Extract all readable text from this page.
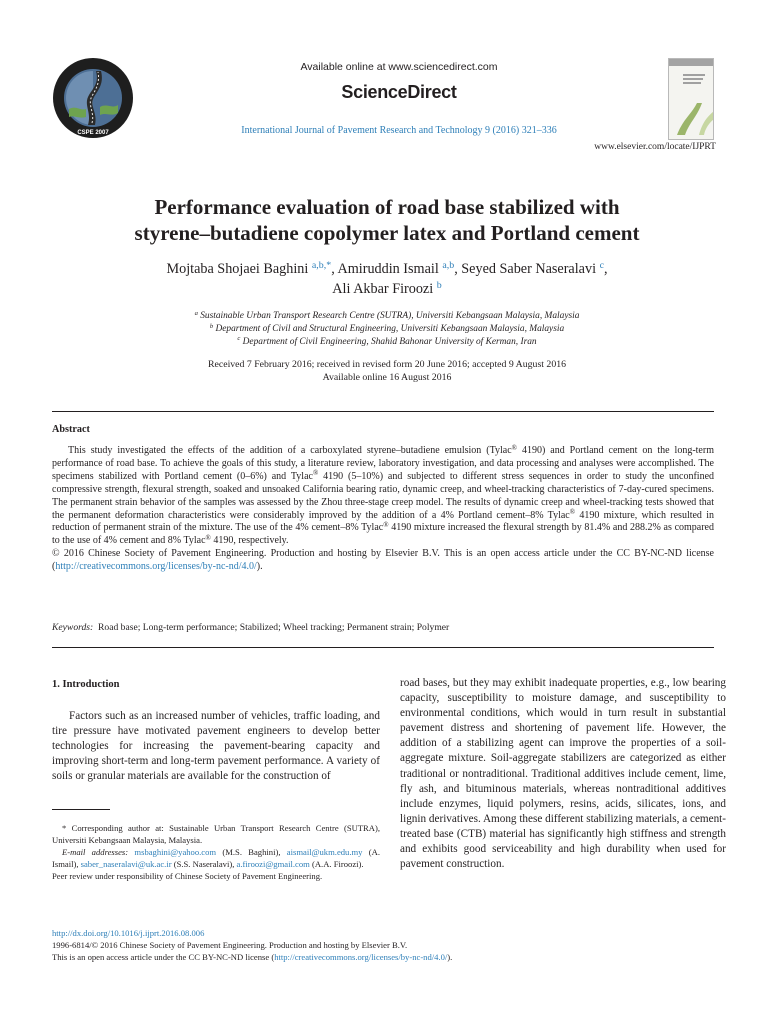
CSPE 2007
Available online at www.sciencedirect.com
ScienceDirect
International Journal of Pavement Research and Technology 9 (2016) 321–336
www.elsevier.com/locate/IJPRT
Performance evaluation of road base stabilized with
styrene–butadiene copolymer latex and Portland cement
Mojtaba Shojaei Baghini $^{a,b,*}$, Amiruddin Ismail $^{a,b}$, Seyed Saber Naseralavi $^c$,
Ali Akbar Firoozi $^b$
$^a$ Sustainable Urban Transport Research Centre (SUTRA), Universiti Kebangsaan Malaysia, Malaysia
$^b$ Department of Civil and Structural Engineering, Universiti Kebangsaan Malaysia, Malaysia
$^c$ Department of Civil Engineering, Shahid Bahonar University of Kerman, Iran
Received 7 February 2016; received in revised form 20 June 2016; accepted 9 August 2016
Available online 16 August 2016
Abstract

This study investigated the effects of the addition of a carboxylated styrene–butadiene emulsion (Tylac® 4190) and Portland cement on the long-term performance of road base. To achieve the goals of this study, a literature review, laboratory investigation, and data processing and analyses were accomplished. The specimens stabilized with Portland cement (0–6%) and Tylac® 4190 (5–10%) and subjected to different stress sequences in order to study the unconfined compressive strength, flexural strength, soaked and unsoaked California bearing ratio, dynamic creep, and wheel-tracking characteristics of 7-day-cured specimens. The permanent strain behavior of the samples was assessed by the Zhou three-stage creep model. The results of dynamic creep and wheel-tracking tests showed that the permanent deformation characteristics were considerably improved by the addition of a 4% Portland cement–8% Tylac® 4190 mixture, which resulted in reduction of permanent strain of the mixture. The use of the 4% cement–8% Tylac® 4190 mixture increased the flexural strength by 81.4% and 288.2% as compared to the use of 4% cement and 8% Tylac® 4190, respectively.

© 2016 Chinese Society of Pavement Engineering. Production and hosting by Elsevier B.V. This is an open access article under the CC BY-NC-ND license (http://creativecommons.org/licenses/by-nc-nd/4.0/).

Keywords: Road base; Long-term performance; Stabilized; Wheel tracking; Permanent strain; Polymer
1. Introduction

Factors such as an increased number of vehicles, traffic loading, and tire pressure have motivated pavement engineers to develop better technologies for increasing the pavement-bearing capacity and improving short-term and long-term pavement performance. A variety of soils or granular materials are available for the construction of

road bases, but they may exhibit inadequate properties, e.g., low bearing capacity, susceptibility to moisture damage, and susceptibility to environmental conditions, which would in turn result in substantial pavement distress and shortening of pavement life. However, the addition of a stabilizing agent can improve the properties of a soil-aggregate mixture. Soil-aggregate stabilizers are categorized as either traditional or nontraditional. Traditional additives include cement, lime, fly ash, and bituminous materials, whereas nontraditional additives include enzymes, liquid polymers, resins, acids, silicates, ions, and lignin derivatives. Among these different stabilizing materials, a cement-treated base (CTB) material has significantly high stiffness and strength and exhibits good serviceability and high durability when used for pavement construction.

* Corresponding author at: Sustainable Urban Transport Research Centre (SUTRA), Universiti Kebangsaan Malaysia, Malaysia.

E-mail addresses: msbaghini@yahoo.com (M.S. Baghini), aismail@ukm.edu.my (A. Ismail), saber_naseralavi@uk.ac.ir (S.S. Naseralavi), a.firoozi@gmail.com (A.A. Firoozi).

Peer review under responsibility of Chinese Society of Pavement Engineering.

http://dx.doi.org/10.1016/j.ijprt.2016.08.006
1996-6814/© 2016 Chinese Society of Pavement Engineering. Production and hosting by Elsevier B.V.
This is an open access article under the CC BY-NC-ND license (http://creativecommons.org/licenses/by-nc-nd/4.0/).
